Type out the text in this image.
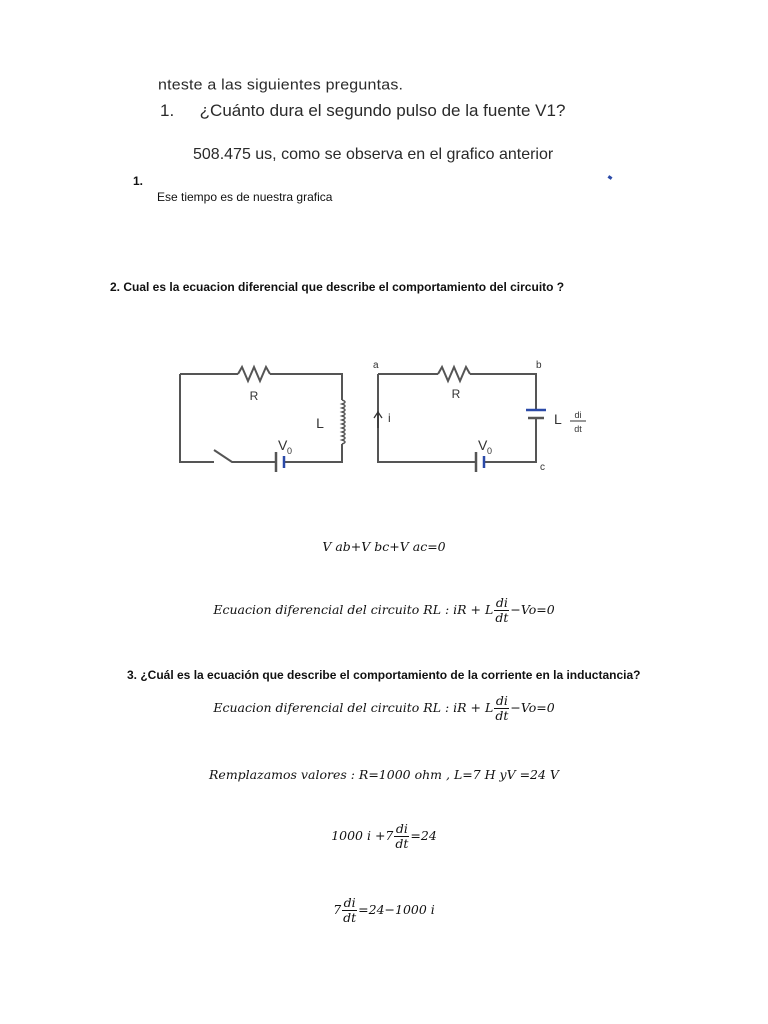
nteste a las siguientes preguntas.
1. ¿Cuánto dura el segundo pulso de la fuente V1?
508.475 us, como se observa en el grafico anterior
1.
Ese tiempo es de nuestra grafica
2. Cual es la ecuacion diferencial que describe el comportamiento del circuito ?
R
L
V 0
a	b
c
R
i
V 0
L di
dt
V ab+V bc+V ac=0
Ecuacion diferencial del circuito RL : iR + L $\frac{di}{dt} -Vo=0$
3. ¿Cuál es la ecuación que describe el comportamiento de la corriente en la inductancia?
Ecuacion diferencial del circuito RL : iR + L $\frac{di}{dt} -Vo=0$
Remplazamos valores : R=1000 ohm , L=7 H yV =24 V
1000 $i +7 \frac{di}{dt} =24$
$7 \frac{di}{dt} =24-1000$ i
